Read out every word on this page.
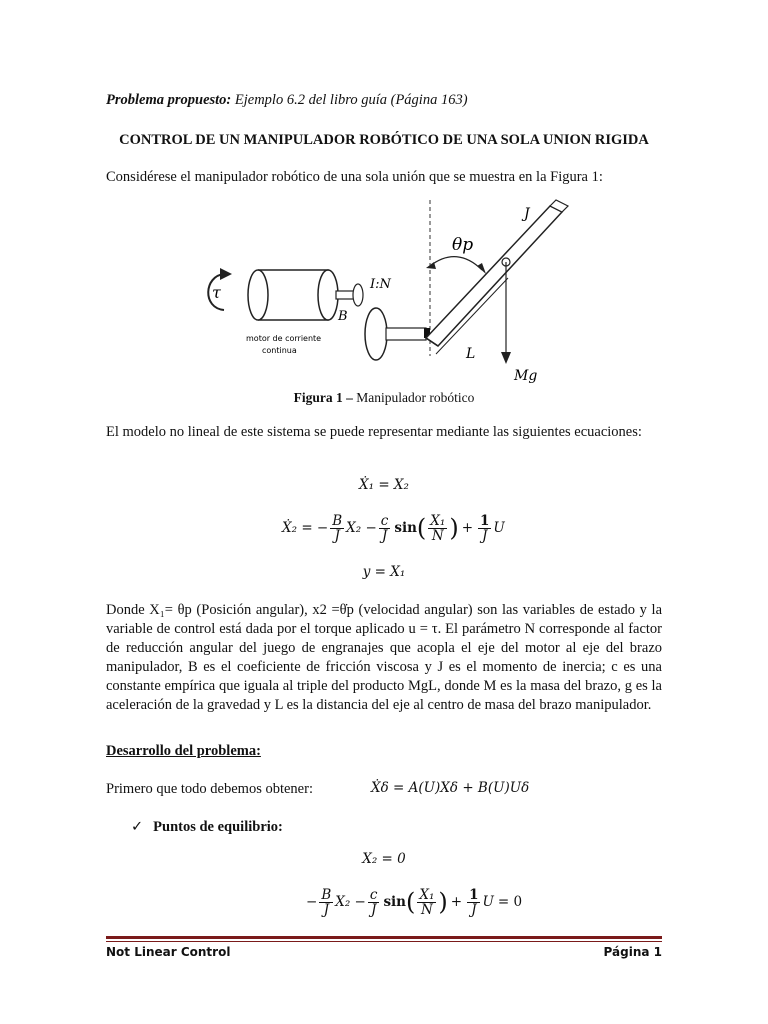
Problema propuesto: Ejemplo 6.2 del libro guía (Página 163)
CONTROL DE UN MANIPULADOR ROBÓTICO DE UNA SOLA UNION RIGIDA
Considérese el manipulador robótico de una sola unión que se muestra en la Figura 1:
τ	I:N
B
J
θp
Mg
L
motor de corriente
continua
Figura 1 – Manipulador robótico
El modelo no lineal de este sistema se puede representar mediante las siguientes ecuaciones:
Ẋ₁ = X₂
Ẋ₂ = − $\frac{B}{J} X_2 - \frac{c}{J}$ sin ( $\frac{\text{X₁}}{N}$ ) + $\frac{1}{J}$ U
y = X₁
Donde X₁= θp (Posición angular), x2 =θ̇p (velocidad angular) son las variables de estado y la variable de control está dada por el torque aplicado u = τ. El parámetro N corresponde al factor de reducción angular del juego de engranajes que acopla el eje del motor al eje del brazo manipulador, B es el coeficiente de fricción viscosa y J es el momento de inercia; c es una constante empírica que iguala al triple del producto MgL, donde M es la masa del brazo, g es la aceleración de la gravedad y L es la distancia del eje al centro de masa del brazo manipulador.
Desarrollo del problema:
Primero que todo debemos obtener:	Ẋδ = A(U)Xδ + B(U)Uδ
✓ Puntos de equilibrio:
X₂ = 0
− $\frac{B}{J} X_2 - \frac{c}{J}$ sin ( $\frac{\text{X₁}}{N}$ ) + $\frac{1}{J}$ U = 0
Not Linear Control	Página 1
